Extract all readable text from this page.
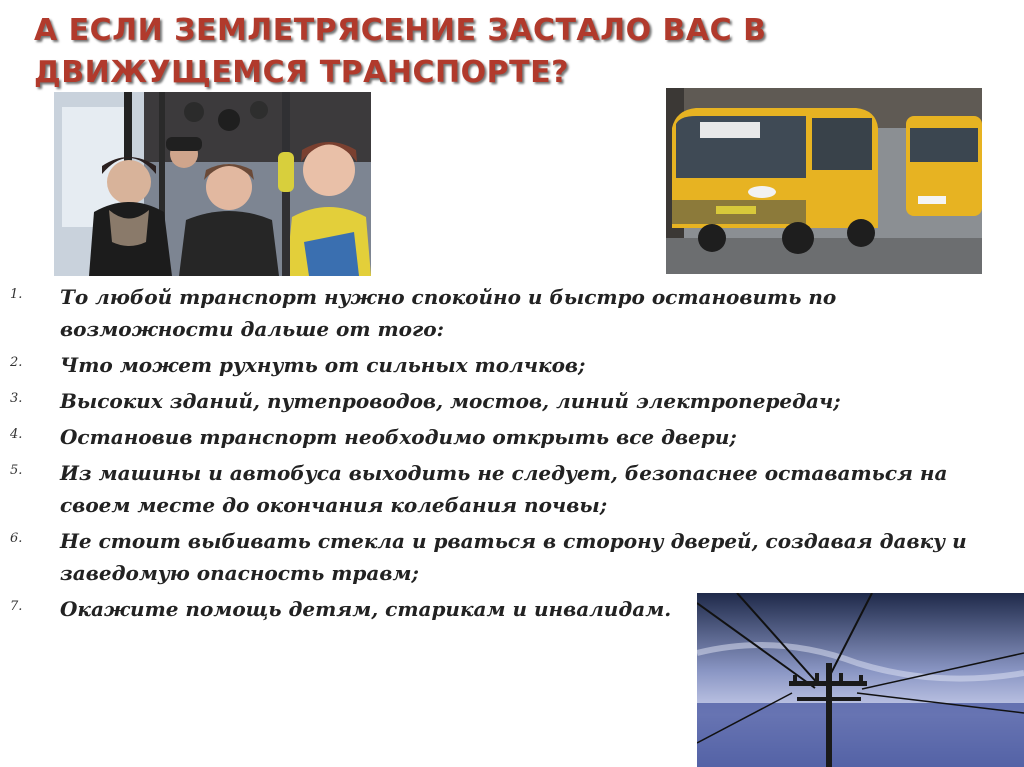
А ЕСЛИ ЗЕМЛЕТРЯСЕНИЕ ЗАСТАЛО ВАС В
ДВИЖУЩЕМСЯ ТРАНСПОРТЕ?
1. То любой транспорт нужно спокойно и быстро остановить по возможности дальше от того:
2. Что может рухнуть от сильных толчков;
3. Высоких зданий, путепроводов, мостов, линий электропередач;
4. Остановив транспорт необходимо открыть все двери;
5. Из машины и автобуса выходить не следует, безопаснее оставаться на своем месте до окончания колебания почвы;
6. Не стоит выбивать стекла и рваться в сторону дверей, создавая давку и заведомую опасность травм;
7. Окажите помощь детям, старикам и инвалидам.
